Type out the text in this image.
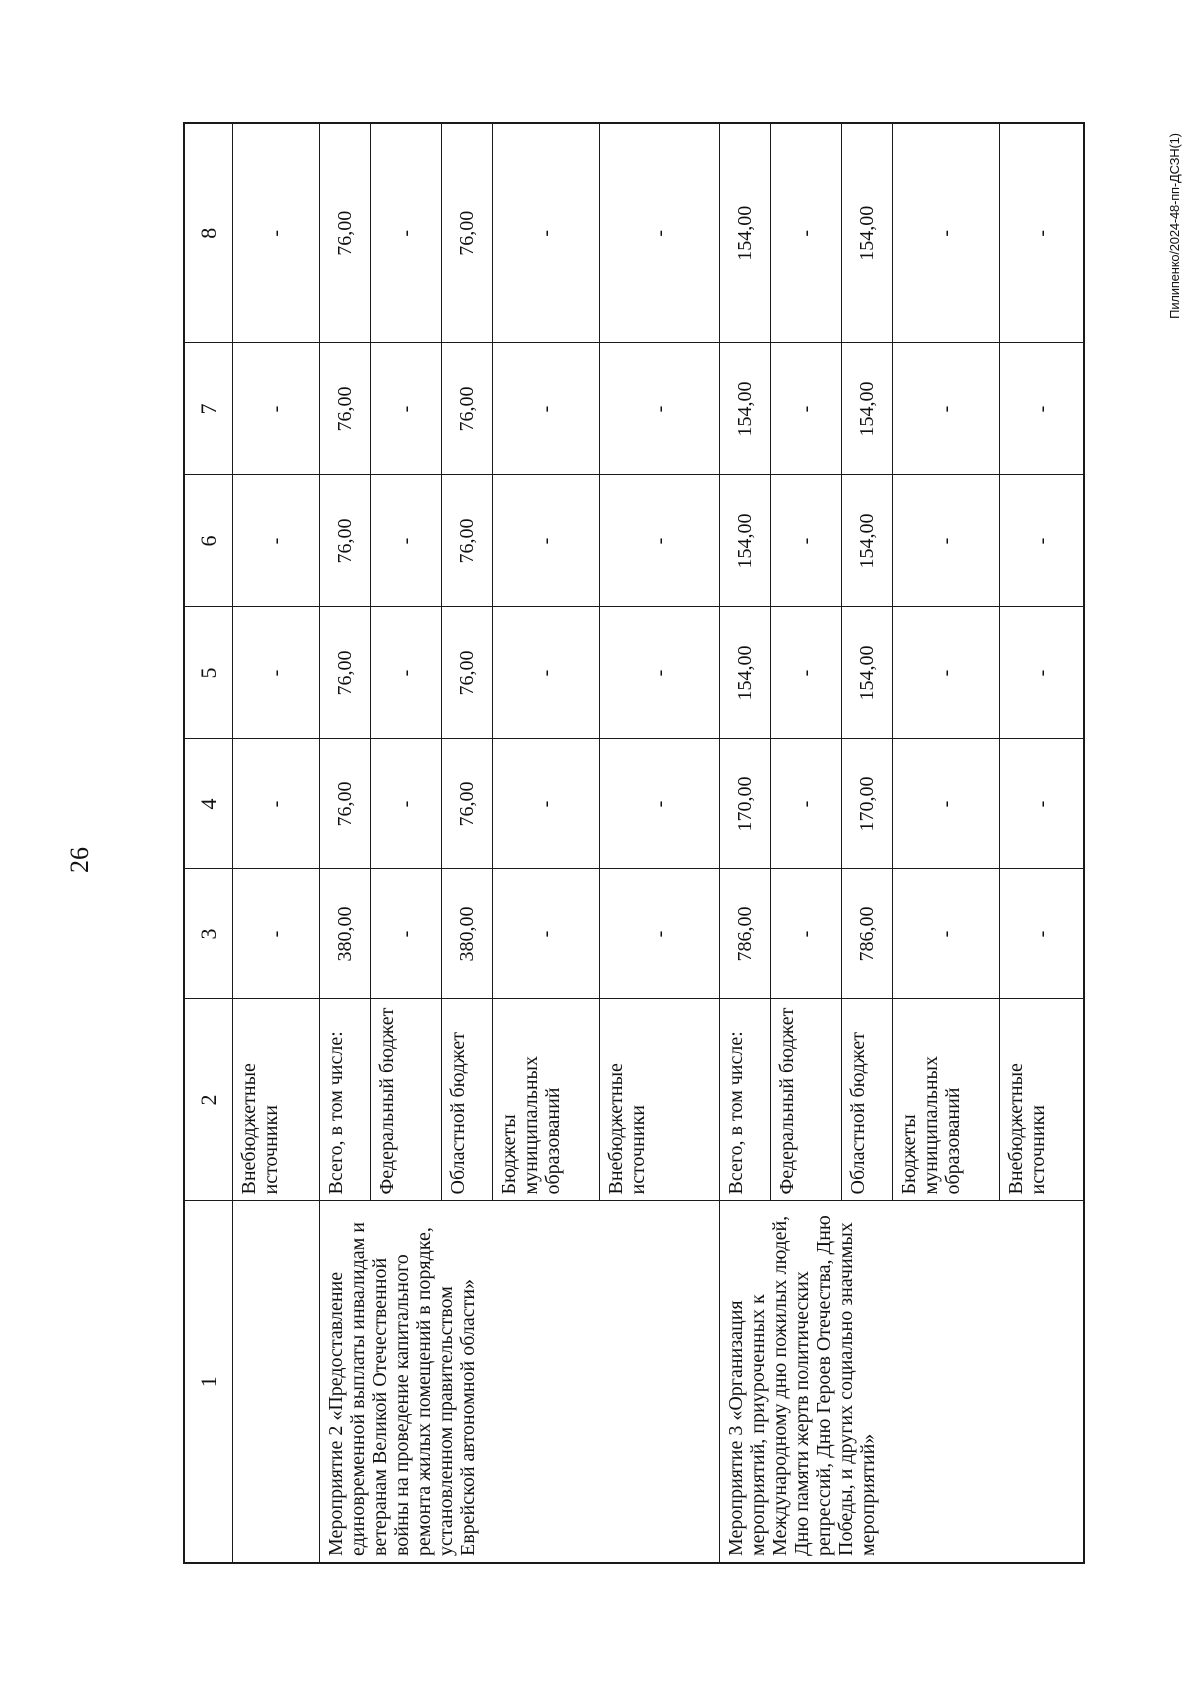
26
Пилипенко/2024-48-пп-ДСЗН(1)
1	2	3	4	5	6	7	8
	Внебюджетные источники	-	-	-	-	-	-
Мероприятие 2 «Предоставление единовременной выплаты инвалидам и ветеранам Великой Отечественной войны на проведение капитального ремонта жилых помещений в порядке, установленном правительством Еврейской автономной области»	Всего, в том числе:	380,00	76,00	76,00	76,00	76,00	76,00
	Федеральный бюджет	-	-	-	-	-	-
	Областной бюджет	380,00	76,00	76,00	76,00	76,00	76,00
	Бюджеты муниципальных образований	-	-	-	-	-	-
	Внебюджетные источники	-	-	-	-	-	-
Мероприятие 3 «Организация мероприятий, приуроченных к Международному дню пожилых людей, Дню памяти жертв политических репрессий, Дню Героев Отечества, Дню Победы, и других социально значимых мероприятий»	Всего, в том числе:	786,00	170,00	154,00	154,00	154,00	154,00
	Федеральный бюджет	-	-	-	-	-	-
	Областной бюджет	786,00	170,00	154,00	154,00	154,00	154,00
	Бюджеты муниципальных образований	-	-	-	-	-	-
	Внебюджетные источники	-	-	-	-	-	-
